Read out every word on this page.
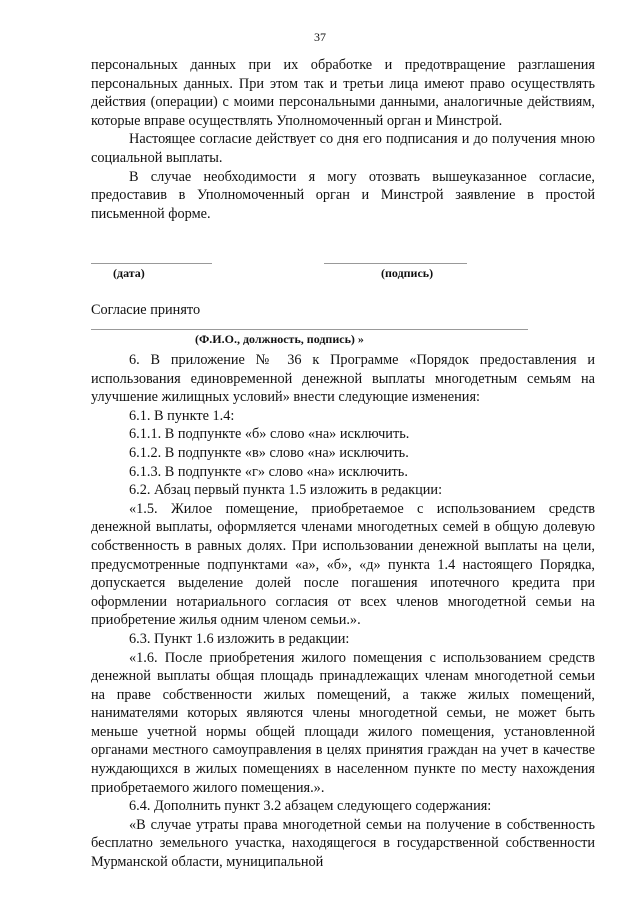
37

персональных данных при их обработке и предотвращение разглашения персональных данных. При этом так и третьи лица имеют право осуществлять действия (операции) с моими персональными данными, аналогичные действиям, которые вправе осуществлять Уполномоченный орган и Минстрой.

Настоящее согласие действует со дня его подписания и до получения мною социальной выплаты.

В случае необходимости я могу отозвать вышеуказанное согласие, предоставив в Уполномоченный орган и Минстрой заявление в простой письменной форме.

(дата)	(подпись)
Согласие принято
(Ф.И.О., должность, подпись) »

6. В приложение № 36 к Программе «Порядок предоставления и использования единовременной денежной выплаты многодетным семьям на улучшение жилищных условий» внести следующие изменения:

6.1. В пункте 1.4:

6.1.1. В подпункте «б» слово «на» исключить.

6.1.2. В подпункте «в» слово «на» исключить.

6.1.3. В подпункте «г» слово «на» исключить.

6.2. Абзац первый пункта 1.5 изложить в редакции:

«1.5. Жилое помещение, приобретаемое с использованием средств денежной выплаты, оформляется членами многодетных семей в общую долевую собственность в равных долях. При использовании денежной выплаты на цели, предусмотренные подпунктами «а», «б», «д» пункта 1.4 настоящего Порядка, допускается выделение долей после погашения ипотечного кредита при оформлении нотариального согласия от всех членов многодетной семьи на приобретение жилья одним членом семьи.».

6.3. Пункт 1.6 изложить в редакции:

«1.6. После приобретения жилого помещения с использованием средств денежной выплаты общая площадь принадлежащих членам многодетной семьи на праве собственности жилых помещений, а также жилых помещений, нанимателями которых являются члены многодетной семьи, не может быть меньше учетной нормы общей площади жилого помещения, установленной органами местного самоуправления в целях принятия граждан на учет в качестве нуждающихся в жилых помещениях в населенном пункте по месту нахождения приобретаемого жилого помещения.».

6.4. Дополнить пункт 3.2 абзацем следующего содержания:

«В случае утраты права многодетной семьи на получение в собственность бесплатно земельного участка, находящегося в государственной собственности Мурманской области, муниципальной
